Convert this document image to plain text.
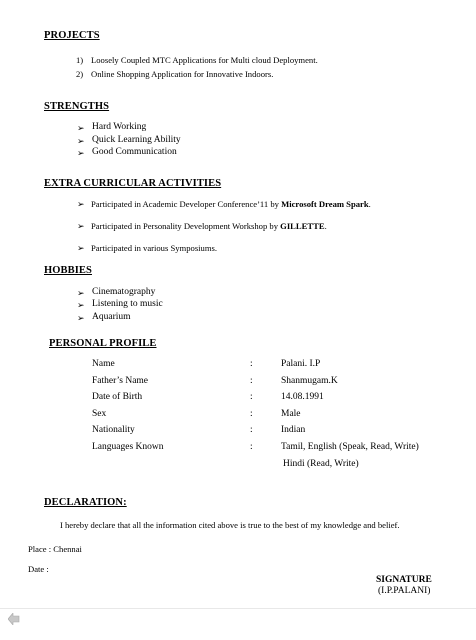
PROJECTS
1) Loosely Coupled MTC Applications for Multi cloud Deployment.
2) Online Shopping Application for Innovative Indoors.
STRENGTHS
➢ Hard Working
➢ Quick Learning Ability
➢ Good Communication
EXTRA CURRICULAR ACTIVITIES
➢ Participated in Academic Developer Conference’11 by Microsoft Dream Spark.
➢ Participated in Personality Development Workshop by GILLETTE.
➢ Participated in various Symposiums.
HOBBIES
➢ Cinematography
➢ Listening to music
➢ Aquarium
PERSONAL PROFILE
Name	:	Palani. I.P
Father’s Name	:	Shanmugam.K
Date of Birth	:	14.08.1991
Sex	:	Male
Nationality	:	Indian
Languages Known	:	Tamil, English (Speak, Read, Write)
Hindi (Read, Write)
DECLARATION:
I hereby declare that all the information cited above is true to the best of my knowledge and belief.
Place : Chennai
Date :
SIGNATURE
(I.P.PALANI)
